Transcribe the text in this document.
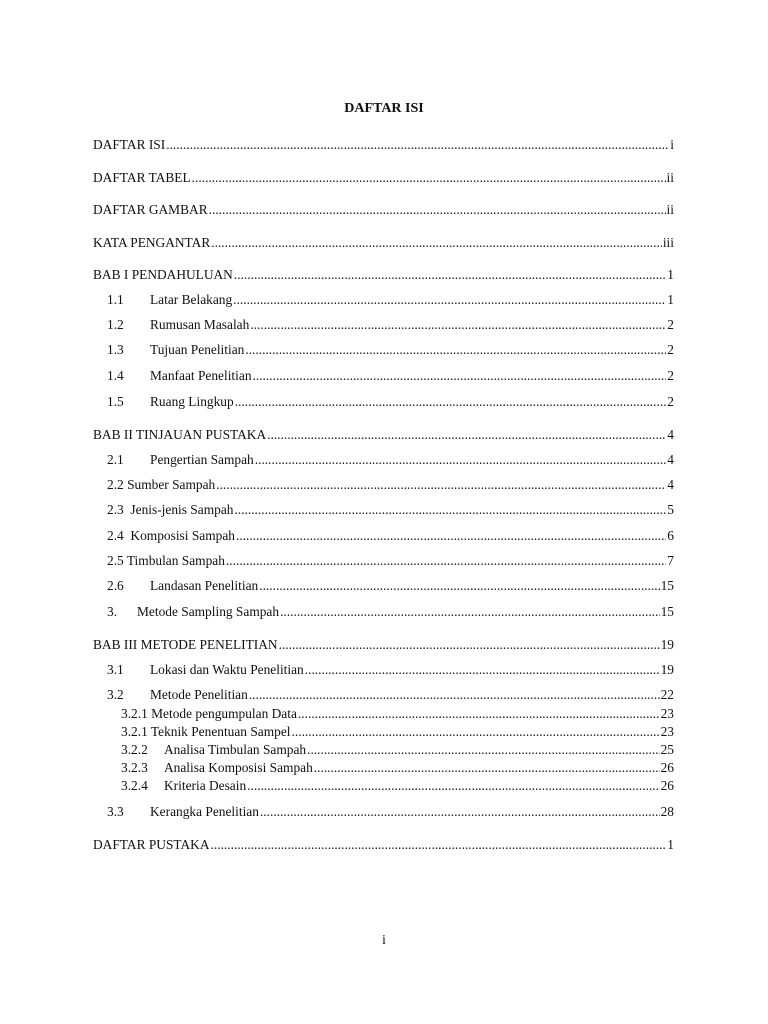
DAFTAR ISI
DAFTAR ISI .....	i
DAFTAR TABEL .....	ii
DAFTAR GAMBAR .....	ii
KATA PENGANTAR .....	iii
BAB I PENDAHULUAN .....	1
1.1	Latar Belakang .....	1
1.2	Rumusan Masalah .....	2
1.3	Tujuan Penelitian .....	2
1.4	Manfaat Penelitian .....	2
1.5	Ruang Lingkup .....	2
BAB II TINJAUAN PUSTAKA .....	4
2.1	Pengertian Sampah .....	4
2.2 Sumber Sampah .....	4
2.3  Jenis-jenis Sampah .....	5
2.4  Komposisi Sampah .....	6
2.5 Timbulan Sampah .....	7
2.6	Landasan Penelitian .....	15
3.	Metode Sampling Sampah .....	15
BAB III METODE PENELITIAN .....	19
3.1	Lokasi dan Waktu Penelitian .....	19
3.2	Metode Penelitian .....	22
3.2.1 Metode pengumpulan Data .....	23
3.2.1 Teknik Penentuan Sampel .....	23
3.2.2	Analisa Timbulan Sampah .....	25
3.2.3	Analisa Komposisi Sampah .....	26
3.2.4	Kriteria Desain .....	26
3.3	Kerangka Penelitian .....	28
DAFTAR PUSTAKA .....	1
i
